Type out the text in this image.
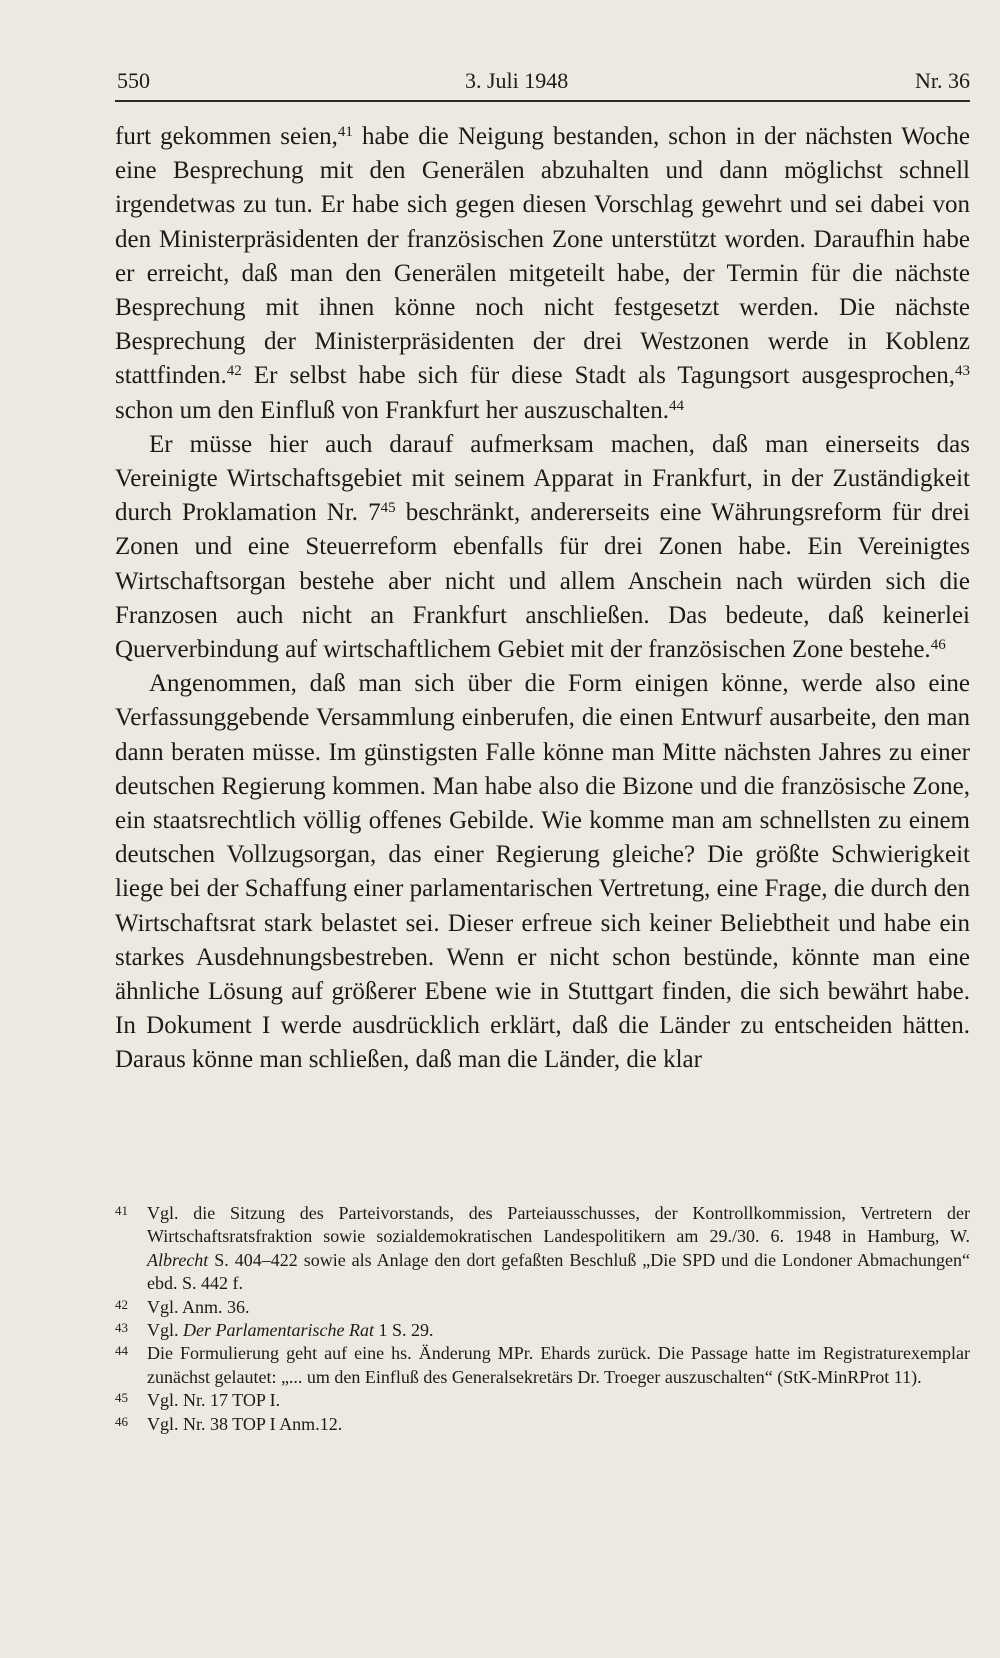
550	3. Juli 1948	Nr. 36

furt gekommen seien,$^{41}$ habe die Neigung bestanden, schon in der nächsten Woche eine Besprechung mit den Generälen abzuhalten und dann möglichst schnell irgendetwas zu tun. Er habe sich gegen diesen Vorschlag gewehrt und sei dabei von den Ministerpräsidenten der französischen Zone unterstützt worden. Daraufhin habe er erreicht, daß man den Generälen mitgeteilt habe, der Termin für die nächste Besprechung mit ihnen könne noch nicht festgesetzt werden. Die nächste Besprechung der Ministerpräsidenten der drei Westzonen werde in Koblenz stattfinden.$^{42}$ Er selbst habe sich für diese Stadt als Tagungsort ausgesprochen,$^{43}$ schon um den Einfluß von Frankfurt her auszuschalten.$^{44}$

Er müsse hier auch darauf aufmerksam machen, daß man einerseits das Vereinigte Wirtschaftsgebiet mit seinem Apparat in Frankfurt, in der Zuständigkeit durch Proklamation Nr. $7^{45}$ beschränkt, andererseits eine Währungsreform für drei Zonen und eine Steuerreform ebenfalls für drei Zonen habe. Ein Vereinigtes Wirtschaftsorgan bestehe aber nicht und allem Anschein nach würden sich die Franzosen auch nicht an Frankfurt anschließen. Das bedeute, daß keinerlei Querverbindung auf wirtschaftlichem Gebiet mit der französischen Zone bestehe.$^{46}$

Angenommen, daß man sich über die Form einigen könne, werde also eine Verfassunggebende Versammlung einberufen, die einen Entwurf ausarbeite, den man dann beraten müsse. Im günstigsten Falle könne man Mitte nächsten Jahres zu einer deutschen Regierung kommen. Man habe also die Bizone und die französische Zone, ein staatsrechtlich völlig offenes Gebilde. Wie komme man am schnellsten zu einem deutschen Vollzugsorgan, das einer Regierung gleiche? Die größte Schwierigkeit liege bei der Schaffung einer parlamentarischen Vertretung, eine Frage, die durch den Wirtschaftsrat stark belastet sei. Dieser erfreue sich keiner Beliebtheit und habe ein starkes Ausdehnungsbestreben. Wenn er nicht schon bestünde, könnte man eine ähnliche Lösung auf größerer Ebene wie in Stuttgart finden, die sich bewährt habe. In Dokument I werde ausdrücklich erklärt, daß die Länder zu entscheiden hätten. Daraus könne man schließen, daß man die Länder, die klar

41 Vgl. die Sitzung des Parteivorstands, des Parteiausschusses, der Kontrollkommission, Vertretern der Wirtschaftsratsfraktion sowie sozialdemokratischen Landespolitikern am 29./30. 6. 1948 in Hamburg, W. Albrecht S. 404–422 sowie als Anlage den dort gefaßten Beschluß „Die SPD und die Londoner Abmachungen“ ebd. S. 442 f.

42 Vgl. Anm. 36.

43 Vgl. Der Parlamentarische Rat 1 S. 29.

44 Die Formulierung geht auf eine hs. Änderung MPr. Ehards zurück. Die Passage hatte im Registraturexemplar zunächst gelautet: „... um den Einfluß des Generalsekretärs Dr. Troeger auszuschalten“ (StK-MinRProt 11).

45 Vgl. Nr. 17 TOP I.

46 Vgl. Nr. 38 TOP I Anm.12.
